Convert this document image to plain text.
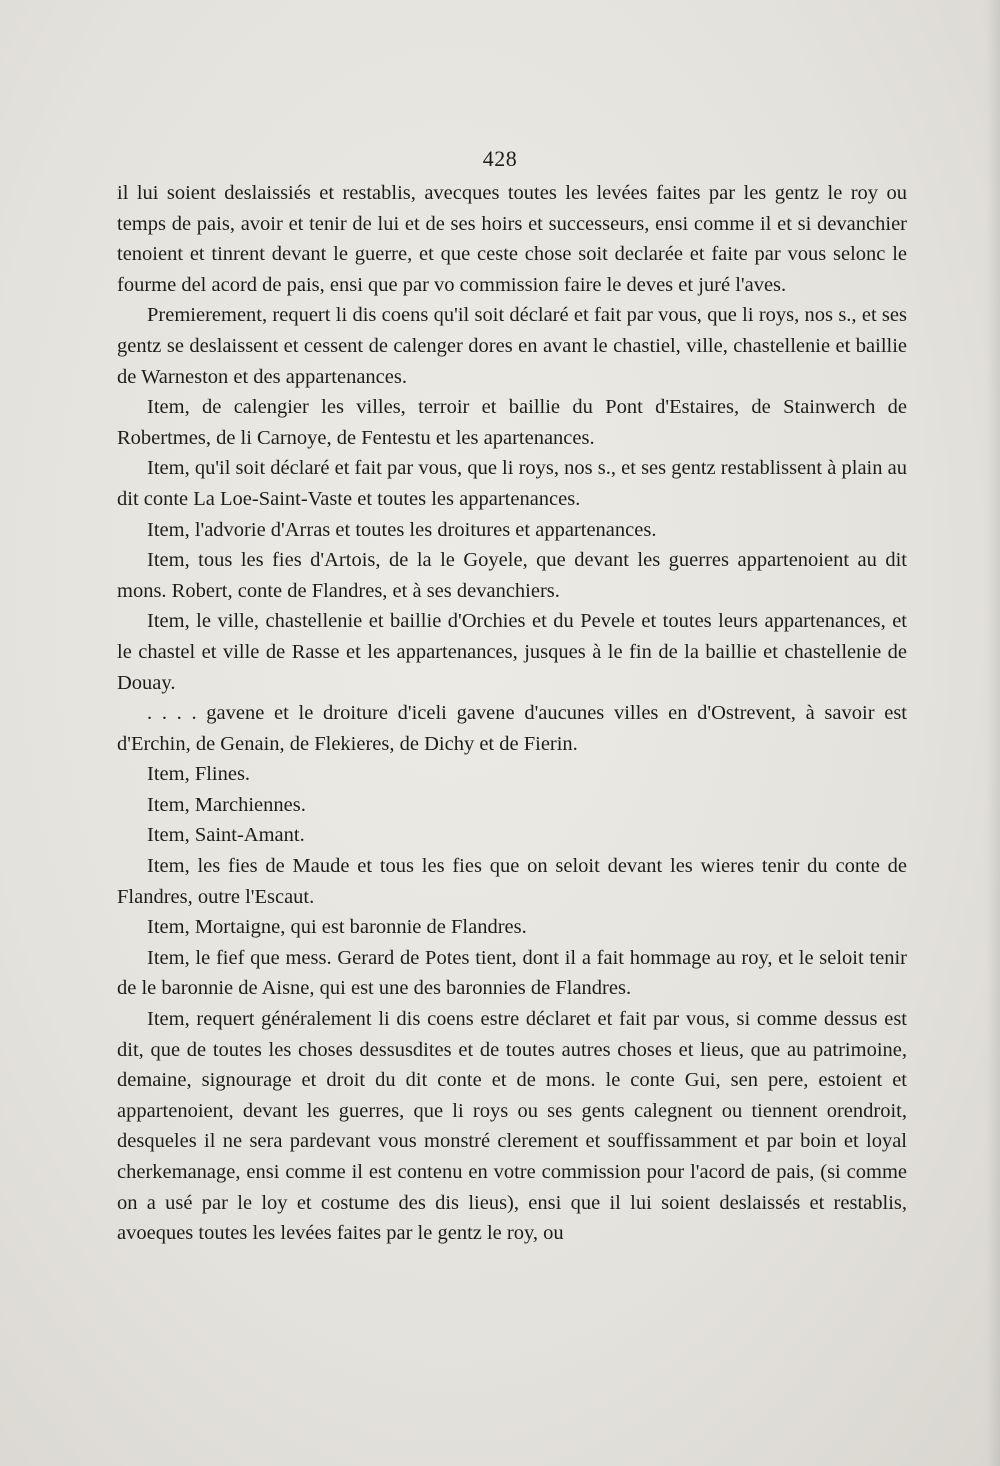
428

il lui soient deslaissiés et restablis, avecques toutes les levées faites par les gentz le roy ou temps de pais, avoir et tenir de lui et de ses hoirs et successeurs, ensi comme il et si devanchier tenoient et tinrent devant le guerre, et que ceste chose soit declarée et faite par vous selonc le fourme del acord de pais, ensi que par vo commission faire le deves et juré l'aves.

Premierement, requert li dis coens qu'il soit déclaré et fait par vous, que li roys, nos s., et ses gentz se deslaissent et cessent de calenger dores en avant le chastiel, ville, chastellenie et baillie de Warneston et des appartenances.

Item, de calengier les villes, terroir et baillie du Pont d'Estaires, de Stainwerch de Robertmes, de li Carnoye, de Fentestu et les apartenances.

Item, qu'il soit déclaré et fait par vous, que li roys, nos s., et ses gentz restablissent à plain au dit conte La Loe-Saint-Vaste et toutes les appartenances.

Item, l'advorie d'Arras et toutes les droitures et appartenances.

Item, tous les fies d'Artois, de la le Goyele, que devant les guerres appartenoient au dit mons. Robert, conte de Flandres, et à ses devanchiers.

Item, le ville, chastellenie et baillie d'Orchies et du Pevele et toutes leurs appartenances, et le chastel et ville de Rasse et les appartenances, jusques à le fin de la baillie et chastellenie de Douay.

. . . . gavene et le droiture d'iceli gavene d'aucunes villes en d'Ostrevent, à savoir est d'Erchin, de Genain, de Flekieres, de Dichy et de Fierin.

Item, Flines.

Item, Marchiennes.

Item, Saint-Amant.

Item, les fies de Maude et tous les fies que on seloit devant les wieres tenir du conte de Flandres, outre l'Escaut.

Item, Mortaigne, qui est baronnie de Flandres.

Item, le fief que mess. Gerard de Potes tient, dont il a fait hommage au roy, et le seloit tenir de le baronnie de Aisne, qui est une des baronnies de Flandres.

Item, requert généralement li dis coens estre déclaret et fait par vous, si comme dessus est dit, que de toutes les choses dessusdites et de toutes autres choses et lieus, que au patrimoine, demaine, signourage et droit du dit conte et de mons. le conte Gui, sen pere, estoient et appartenoient, devant les guerres, que li roys ou ses gents calegnent ou tiennent orendroit, desqueles il ne sera pardevant vous monstré clerement et souffissamment et par boin et loyal cherkemanage, ensi comme il est contenu en votre commission pour l'acord de pais, (si comme on a usé par le loy et costume des dis lieus), ensi que il lui soient deslaissés et restablis, avoeques toutes les levées faites par le gentz le roy, ou
